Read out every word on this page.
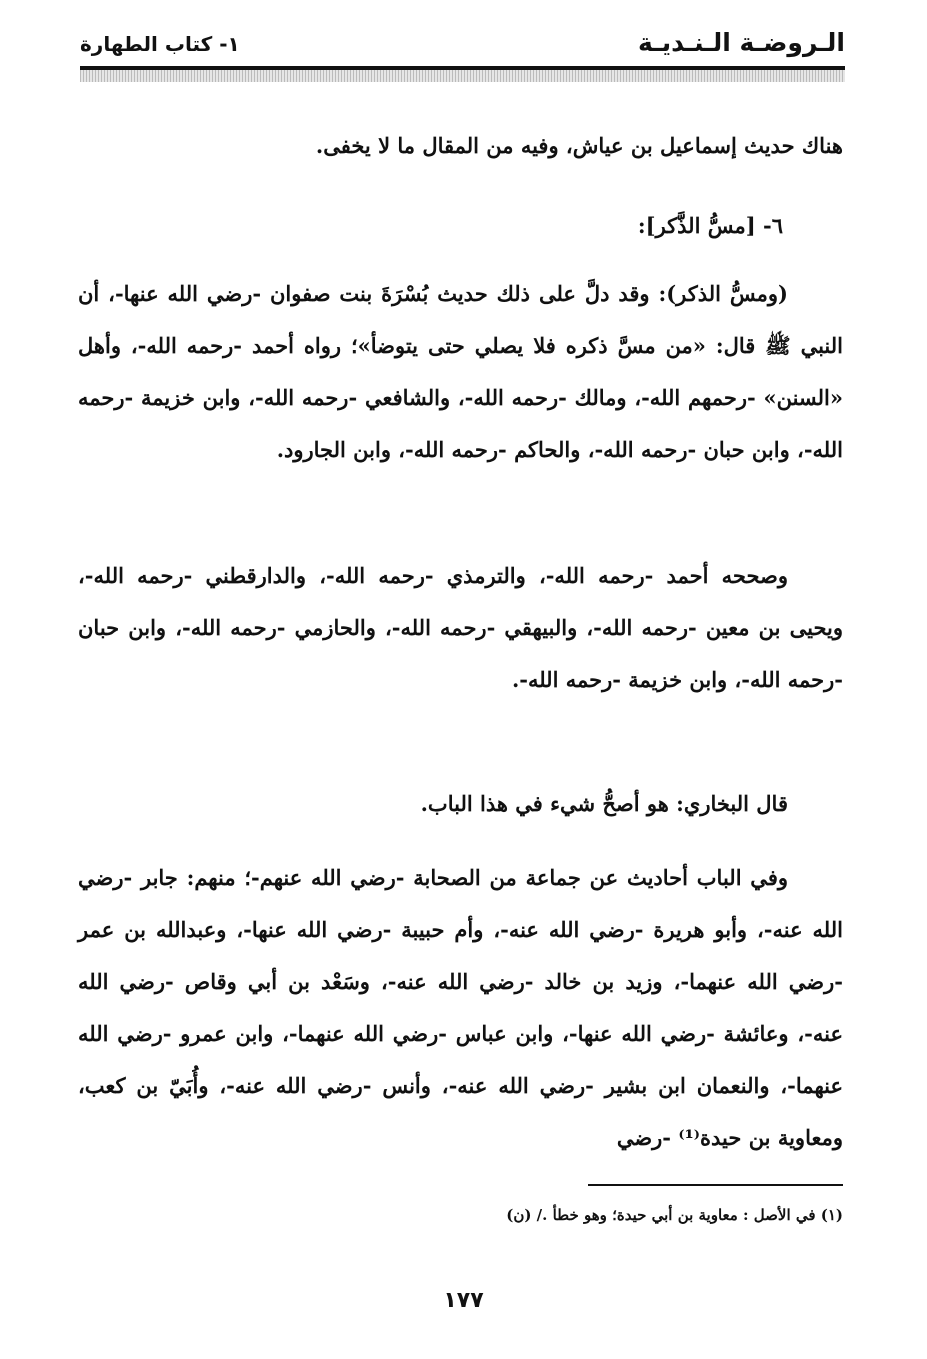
الـروضـة الـنـديـة
١- كتاب الطهارة

هناك حديث إسماعيل بن عياش، وفيه من المقال ما لا يخفى.

٦- [مسُّ الذَّكر]:

(ومسُّ الذكر): وقد دلَّ على ذلك حديث بُسْرَةَ بنت صفوان -رضي الله عنها-، أن النبي ﷺ قال: «من مسَّ ذكره فلا يصلي حتى يتوضأ»؛ رواه أحمد -رحمه الله-، وأهل «السنن» -رحمهم الله-، ومالك -رحمه الله-، والشافعي -رحمه الله-، وابن خزيمة -رحمه الله-، وابن حبان -رحمه الله-، والحاكم -رحمه الله-، وابن الجارود.

وصححه أحمد -رحمه الله-، والترمذي -رحمه الله-، والدارقطني -رحمه الله-، ويحيى بن معين -رحمه الله-، والبيهقي -رحمه الله-، والحازمي -رحمه الله-، وابن حبان -رحمه الله-، وابن خزيمة -رحمه الله-.

قال البخاري: هو أصحُّ شيء في هذا الباب.

وفي الباب أحاديث عن جماعة من الصحابة -رضي الله عنهم-؛ منهم: جابر -رضي الله عنه-، وأبو هريرة -رضي الله عنه-، وأم حبيبة -رضي الله عنها-، وعبدالله بن عمر -رضي الله عنهما-، وزيد بن خالد -رضي الله عنه-، وسَعْد بن أبي وقاص -رضي الله عنه-، وعائشة -رضي الله عنها-، وابن عباس -رضي الله عنهما-، وابن عمرو -رضي الله عنهما-، والنعمان ابن بشير -رضي الله عنه-، وأنس -رضي الله عنه-، وأُبَيّ بن كعب، ومعاوية بن حيدة⁽¹⁾ -رضي

(١) في الأصل : معاوية بن أبي حيدة؛ وهو خطأ ./ (ن)
١٧٧
